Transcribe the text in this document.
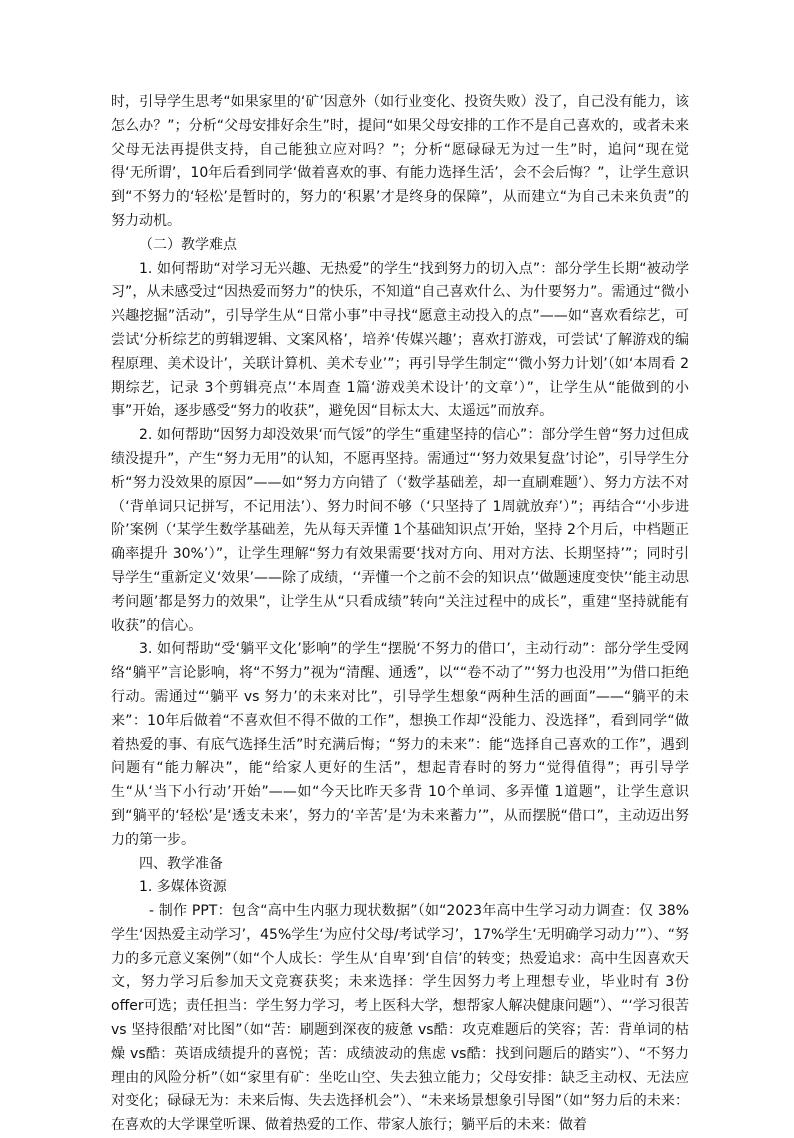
时，引导学生思考“如果家里的‘矿’因意外（如行业变化、投资失败）没了，自己没有能力，该怎么办？”；分析“父母安排好余生”时，提问“如果父母安排的工作不是自己喜欢的，或者未来父母无法再提供支持，自己能独立应对吗？”；分析“愿碌碌无为过一生”时，追问“现在觉得‘无所谓’，10年后看到同学‘做着喜欢的事、有能力选择生活’，会不会后悔？”，让学生意识到“不努力的‘轻松’是暂时的，努力的‘积累’才是终身的保障”，从而建立“为自己未来负责”的努力动机。

（二）教学难点

1. 如何帮助“对学习无兴趣、无热爱”的学生“找到努力的切入点”：部分学生长期“被动学习”，从未感受过“因热爱而努力”的快乐，不知道“自己喜欢什么、为什要努力”。需通过“微小兴趣挖掘”活动”，引导学生从“日常小事”中寻找“愿意主动投入的点”——如“喜欢看综艺，可尝试‘分析综艺的剪辑逻辑、文案风格’，培养‘传媒兴趣’；喜欢打游戏，可尝试‘了解游戏的编程原理、美术设计’，关联计算机、美术专业’”；再引导学生制定“‘微小努力计划’（如‘本周看 2期综艺，记录 3个剪辑亮点’‘本周查 1篇‘游戏美术设计’的文章’）”，让学生从“能做到的小事”开始，逐步感受“努力的收获”，避免因“目标太大、太遥远”而放弃。

2. 如何帮助“因努力却没效果‘而气馁”的学生“重建坚持的信心”：部分学生曾“努力过但成绩没提升”，产生“努力无用”的认知，不愿再坚持。需通过“‘努力效果复盘’讨论”，引导学生分析“努力没效果的原因”——如“努力方向错了（‘数学基础差，却一直刷难题’）、努力方法不对（‘背单词只记拼写，不记用法’）、努力时间不够（‘只坚持了 1周就放弃’）”；再结合“‘小步进阶’案例（‘某学生数学基础差，先从每天弄懂 1个基础知识点’开始，坚持 2个月后，中档题正确率提升 30%’）”，让学生理解“努力有效果需要‘找对方向、用对方法、长期坚持’”；同时引导学生“重新定义‘效果’——除了成绩，‘‘弄懂一个之前不会的知识点’‘做题速度变快’‘能主动思考问题’都是努力的效果”，让学生从“只看成绩”转向“关注过程中的成长”，重建“坚持就能有收获”的信心。

3. 如何帮助“受‘躺平文化’影响”的学生“摆脱‘不努力的借口’，主动行动”：部分学生受网络“躺平”言论影响，将“不努力”视为“清醒、通透”，以““卷不动了”‘努力也没用’”为借口拒绝行动。需通过“‘躺平 vs 努力’的未来对比”，引导学生想象“两种生活的画面”——“躺平的未来”：10年后做着“不喜欢但不得不做的工作”，想换工作却“没能力、没选择”，看到同学“做着热爱的事、有底气选择生活”时充满后悔；“努力的未来”：能“选择自己喜欢的工作”，遇到问题有“能力解决”，能“给家人更好的生活”，想起青春时的努力“觉得值得”；再引导学生“从‘当下小行动’开始”——如“今天比昨天多背 10个单词、多弄懂 1道题”，让学生意识到“躺平的‘轻松’是‘透支未来’，努力的‘辛苦’是‘为未来蓄力’”，从而摆脱“借口”，主动迈出努力的第一步。

四、教学准备

1. 多媒体资源

- 制作 PPT：包含“高中生内驱力现状数据”（如“2023年高中生学习动力调查：仅 38%学生‘因热爱主动学习’，45%学生‘为应付父母/考试学习’，17%学生‘无明确学习动力’”）、“努力的多元意义案例”（如“个人成长：学生从‘自卑’到‘自信’的转变；热爱追求：高中生因喜欢天文，努力学习后参加天文竞赛获奖；未来选择：学生因努力考上理想专业，毕业时有 3份 offer可选；责任担当：学生努力学习，考上医科大学，想帮家人解决健康问题”）、“‘学习很苦 vs 坚持很酷’对比图”（如“苦：刷题到深夜的疲惫 vs酷：攻克难题后的笑容；苦：背单词的枯燥 vs酷：英语成绩提升的喜悦；苦：成绩波动的焦虑 vs酷：找到问题后的踏实”）、“不努力理由的风险分析”（如“家里有矿：坐吃山空、失去独立能力；父母安排：缺乏主动权、无法应对变化；碌碌无为：未来后悔、失去选择机会”）、“未来场景想象引导图”（如“努力后的未来：在喜欢的大学课堂听课、做着热爱的工作、带家人旅行；躺平后的未来：做着
